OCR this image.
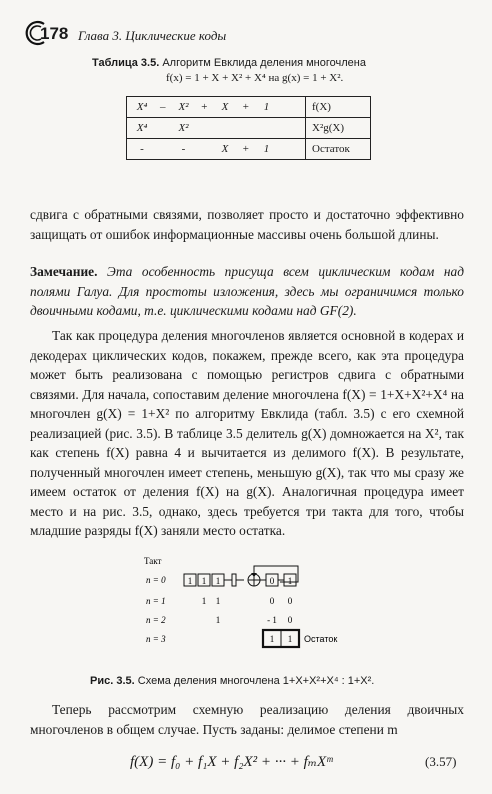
178 Глава 3. Циклические коды
Таблица 3.5. Алгоритм Евклида деления многочлена
f(x) = 1 + X + X² + X⁴ на g(x) = 1 + X².
X⁴ – X² + X + 1	f(X)
X⁴ X²	X²g(X)
- - X + 1	Остаток
сдвига с обратными связями, позволяет просто и достаточно эффективно защищать от ошибок информационные массивы очень большой длины.
Замечание. Эта особенность присуща всем циклическим кодам над полями Галуа. Для простоты изложения, здесь мы ограничимся только двоичными кодами, т.е. циклическими кодами над GF(2).
Так как процедура деления многочленов является основной в кодерах и декодерах циклических кодов, покажем, прежде всего, как эта процедура может быть реализована с помощью регистров сдвига с обратными связями. Для начала, сопоставим деление многочлена f(X) = 1+X+X²+X⁴ на многочлен g(X) = 1+X² по алгоритму Евклида (табл. 3.5) с его схемной реализацией (рис. 3.5). В таблице 3.5 делитель g(X) домножается на X², так как степень f(X) равна 4 и вычитается из делимого f(X). В результате, полученный многочлен имеет степень, меньшую g(X), так что мы сразу же имеем остаток от деления f(X) на g(X). Аналогичная процедура имеет место и на рис. 3.5, однако, здесь требуется три такта для того, чтобы младшие разряды f(X) заняли место остатка.
Такт
n = 0
n = 1
n = 2
n = 3
1 1 1	0 1
1 1	0 0
1	- 1 0
1 1 Остаток
Рис. 3.5. Схема деления многочлена 1+X+X²+X⁴ : 1+X².
Теперь рассмотрим схемную реализацию деления двоичных многочленов в общем случае. Пусть заданы: делимое степени m
f(X) = f₀ + f₁X + f₂X² + ··· + fₘXᵐ	(3.57)
